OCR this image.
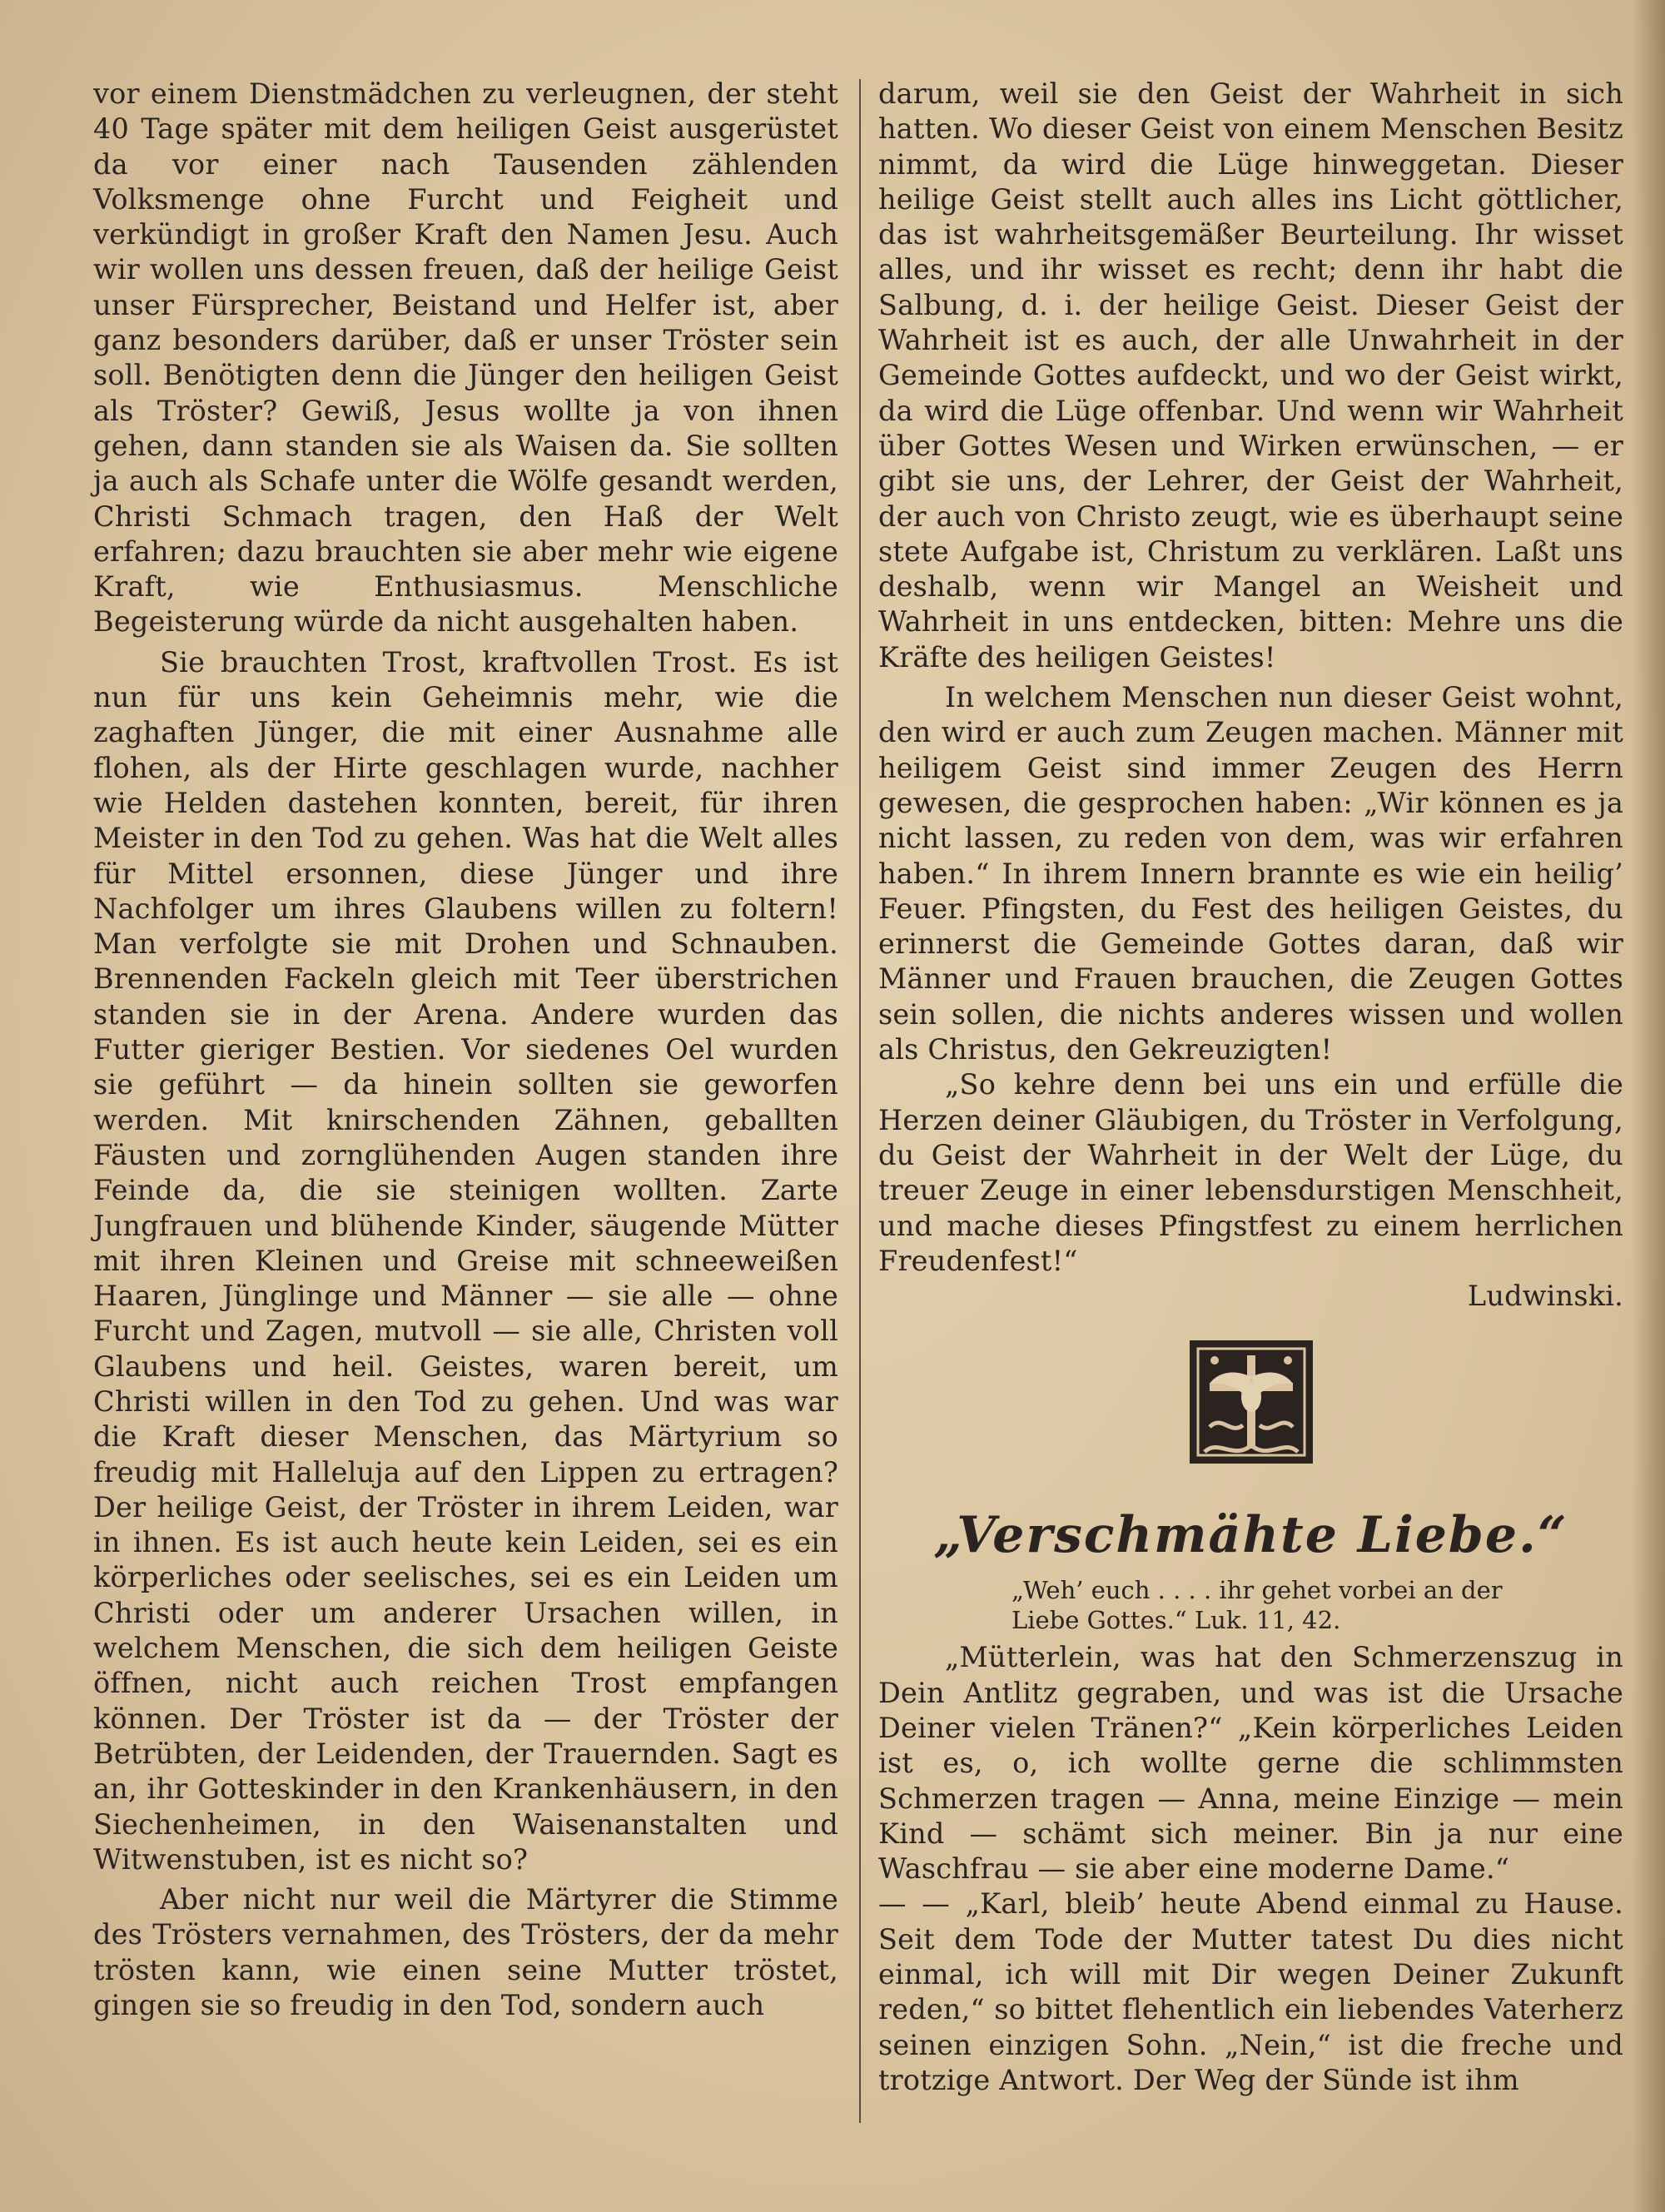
vor einem Dienstmädchen zu verleugnen, der steht 40 Tage später mit dem heiligen Geist ausgerüstet da vor einer nach Tausenden zählenden Volksmenge ohne Furcht und Feigheit und verkündigt in großer Kraft den Namen Jesu. Auch wir wollen uns dessen freuen, daß der heilige Geist unser Fürsprecher, Beistand und Helfer ist, aber ganz besonders darüber, daß er unser Tröster sein soll. Benötigten denn die Jünger den heiligen Geist als Tröster? Gewiß, Jesus wollte ja von ihnen gehen, dann standen sie als Waisen da. Sie sollten ja auch als Schafe unter die Wölfe gesandt werden, Christi Schmach tragen, den Haß der Welt erfahren; dazu brauchten sie aber mehr wie eigene Kraft, wie Enthusiasmus. Menschliche Begeisterung würde da nicht ausgehalten haben.

Sie brauchten Trost, kraftvollen Trost. Es ist nun für uns kein Geheimnis mehr, wie die zaghaften Jünger, die mit einer Ausnahme alle flohen, als der Hirte geschlagen wurde, nachher wie Helden dastehen konnten, bereit, für ihren Meister in den Tod zu gehen. Was hat die Welt alles für Mittel ersonnen, diese Jünger und ihre Nachfolger um ihres Glaubens willen zu foltern! Man verfolgte sie mit Drohen und Schnauben. Brennenden Fackeln gleich mit Teer überstrichen standen sie in der Arena. Andere wurden das Futter gieriger Bestien. Vor siedenes Oel wurden sie geführt — da hinein sollten sie geworfen werden. Mit knirschenden Zähnen, geballten Fäusten und zornglühenden Augen standen ihre Feinde da, die sie steinigen wollten. Zarte Jungfrauen und blühende Kinder, säugende Mütter mit ihren Kleinen und Greise mit schneeweißen Haaren, Jünglinge und Männer — sie alle — ohne Furcht und Zagen, mutvoll — sie alle, Christen voll Glaubens und heil. Geistes, waren bereit, um Christi willen in den Tod zu gehen. Und was war die Kraft dieser Menschen, das Märtyrium so freudig mit Halleluja auf den Lippen zu ertragen? Der heilige Geist, der Tröster in ihrem Leiden, war in ihnen. Es ist auch heute kein Leiden, sei es ein körperliches oder seelisches, sei es ein Leiden um Christi oder um anderer Ursachen willen, in welchem Menschen, die sich dem heiligen Geiste öffnen, nicht auch reichen Trost empfangen können. Der Tröster ist da — der Tröster der Betrübten, der Leidenden, der Trauernden. Sagt es an, ihr Gotteskinder in den Krankenhäusern, in den Siechenheimen, in den Waisenanstalten und Witwenstuben, ist es nicht so?

Aber nicht nur weil die Märtyrer die Stimme des Trösters vernahmen, des Trösters, der da mehr trösten kann, wie einen seine Mutter tröstet, gingen sie so freudig in den Tod, sondern auch

darum, weil sie den Geist der Wahrheit in sich hatten. Wo dieser Geist von einem Menschen Besitz nimmt, da wird die Lüge hinweggetan. Dieser heilige Geist stellt auch alles ins Licht göttlicher, das ist wahrheitsgemäßer Beurteilung. Ihr wisset alles, und ihr wisset es recht; denn ihr habt die Salbung, d. i. der heilige Geist. Dieser Geist der Wahrheit ist es auch, der alle Unwahrheit in der Gemeinde Gottes aufdeckt, und wo der Geist wirkt, da wird die Lüge offenbar. Und wenn wir Wahrheit über Gottes Wesen und Wirken erwünschen, — er gibt sie uns, der Lehrer, der Geist der Wahrheit, der auch von Christo zeugt, wie es überhaupt seine stete Aufgabe ist, Christum zu verklären. Laßt uns deshalb, wenn wir Mangel an Weisheit und Wahrheit in uns entdecken, bitten: Mehre uns die Kräfte des heiligen Geistes!

In welchem Menschen nun dieser Geist wohnt, den wird er auch zum Zeugen machen. Männer mit heiligem Geist sind immer Zeugen des Herrn gewesen, die gesprochen haben: „Wir können es ja nicht lassen, zu reden von dem, was wir erfahren haben.“ In ihrem Innern brannte es wie ein heilig’ Feuer. Pfingsten, du Fest des heiligen Geistes, du erinnerst die Gemeinde Gottes daran, daß wir Männer und Frauen brauchen, die Zeugen Gottes sein sollen, die nichts anderes wissen und wollen als Christus, den Gekreuzigten!

„So kehre denn bei uns ein und erfülle die Herzen deiner Gläubigen, du Tröster in Verfolgung, du Geist der Wahrheit in der Welt der Lüge, du treuer Zeuge in einer lebensdurstigen Menschheit, und mache dieses Pfingstfest zu einem herrlichen Freudenfest!“

Ludwinski.

„Verschmähte Liebe.“
„Weh’ euch . . . . ihr gehet vorbei an der
Liebe Gottes.“ Luk. 11, 42.

„Mütterlein, was hat den Schmerzenszug in Dein Antlitz gegraben, und was ist die Ursache Deiner vielen Tränen?“ „Kein körperliches Leiden ist es, o, ich wollte gerne die schlimmsten Schmerzen tragen — Anna, meine Einzige — mein Kind — schämt sich meiner. Bin ja nur eine Waschfrau — sie aber eine moderne Dame.“

— — „Karl, bleib’ heute Abend einmal zu Hause. Seit dem Tode der Mutter tatest Du dies nicht einmal, ich will mit Dir wegen Deiner Zukunft reden,“ so bittet flehentlich ein liebendes Vaterherz seinen einzigen Sohn. „Nein,“ ist die freche und trotzige Antwort. Der Weg der Sünde ist ihm
